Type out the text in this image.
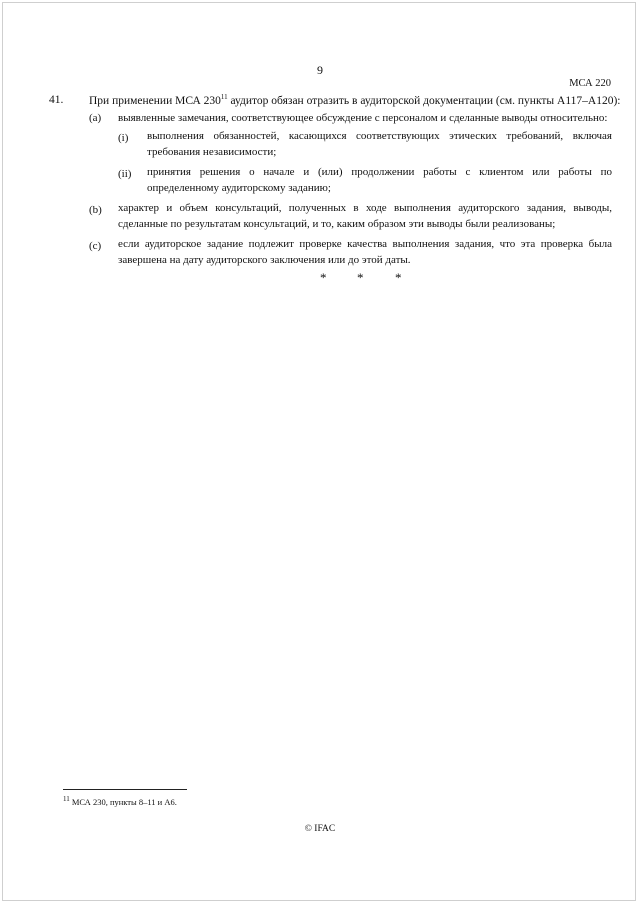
9
МСА 220
41. При применении МСА $230^{11}$ аудитор обязан отразить в аудиторской документации (см. пункты А117–А120):
(a) выявленные замечания, соответствующее обсуждение с персоналом и сделанные выводы относительно:
(i) выполнения обязанностей, касающихся соответствующих этических требований, включая требования независимости;
(ii) принятия решения о начале и (или) продолжении работы с клиентом или работы по определенному аудиторскому заданию;
(b) характер и объем консультаций, полученных в ходе выполнения аудиторского задания, выводы, сделанные по результатам консультаций, и то, каким образом эти выводы были реализованы;
(c) если аудиторское задание подлежит проверке качества выполнения задания, что эта проверка была завершена на дату аудиторского заключения или до этой даты.
* * *
$^{11}$ МСА 230, пункты 8–11 и А6.
© IFAC
